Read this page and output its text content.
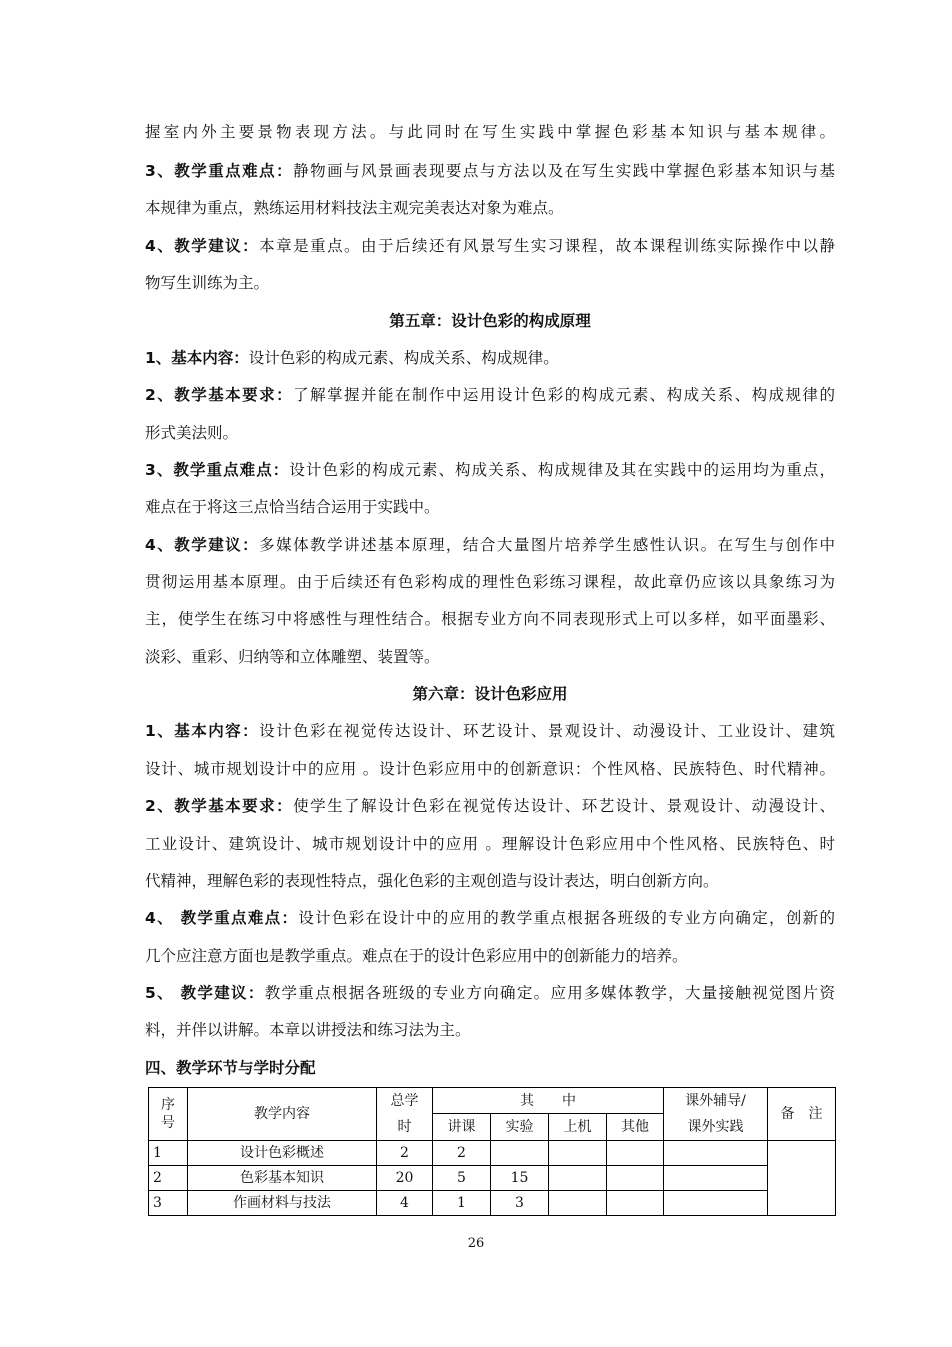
握室内外主要景物表现方法。与此同时在写生实践中掌握色彩基本知识与基本规律。
3、教学重点难点：静物画与风景画表现要点与方法以及在写生实践中掌握色彩基本知识与基
本规律为重点，熟练运用材料技法主观完美表达对象为难点。
4、教学建议：本章是重点。由于后续还有风景写生实习课程，故本课程训练实际操作中以静
物写生训练为主。
第五章：设计色彩的构成原理
1、基本内容：设计色彩的构成元素、构成关系、构成规律。
2、教学基本要求：了解掌握并能在制作中运用设计色彩的构成元素、构成关系、构成规律的
形式美法则。
3、教学重点难点：设计色彩的构成元素、构成关系、构成规律及其在实践中的运用均为重点，
难点在于将这三点恰当结合运用于实践中。
4、教学建议：多媒体教学讲述基本原理，结合大量图片培养学生感性认识。在写生与创作中
贯彻运用基本原理。由于后续还有色彩构成的理性色彩练习课程，故此章仍应该以具象练习为
主，使学生在练习中将感性与理性结合。根据专业方向不同表现形式上可以多样，如平面墨彩、
淡彩、重彩、归纳等和立体雕塑、装置等。
第六章：设计色彩应用
1、基本内容：设计色彩在视觉传达设计、环艺设计、景观设计、动漫设计、工业设计、建筑
设计、城市规划设计中的应用 。设计色彩应用中的创新意识：个性风格、民族特色、时代精神。
2、教学基本要求：使学生了解设计色彩在视觉传达设计、环艺设计、景观设计、动漫设计、
工业设计、建筑设计、城市规划设计中的应用 。理解设计色彩应用中个性风格、民族特色、时
代精神，理解色彩的表现性特点，强化色彩的主观创造与设计表达，明白创新方向。
4、 教学重点难点：设计色彩在设计中的应用的教学重点根据各班级的专业方向确定，创新的
几个应注意方面也是教学重点。难点在于的设计色彩应用中的创新能力的培养。
5、 教学建议：教学重点根据各班级的专业方向确定。应用多媒体教学，大量接触视觉图片资
料，并伴以讲解。本章以讲授法和练习法为主。
四、教学环节与学时分配
序
号	教学内容	总学	其　　中				课外辅导/	备　注
		时	讲课	实验	上机	其他	课外实践	
1	设计色彩概述	2	2					
2	色彩基本知识	20	5	15				
3	作画材料与技法	4	1	3				
26
